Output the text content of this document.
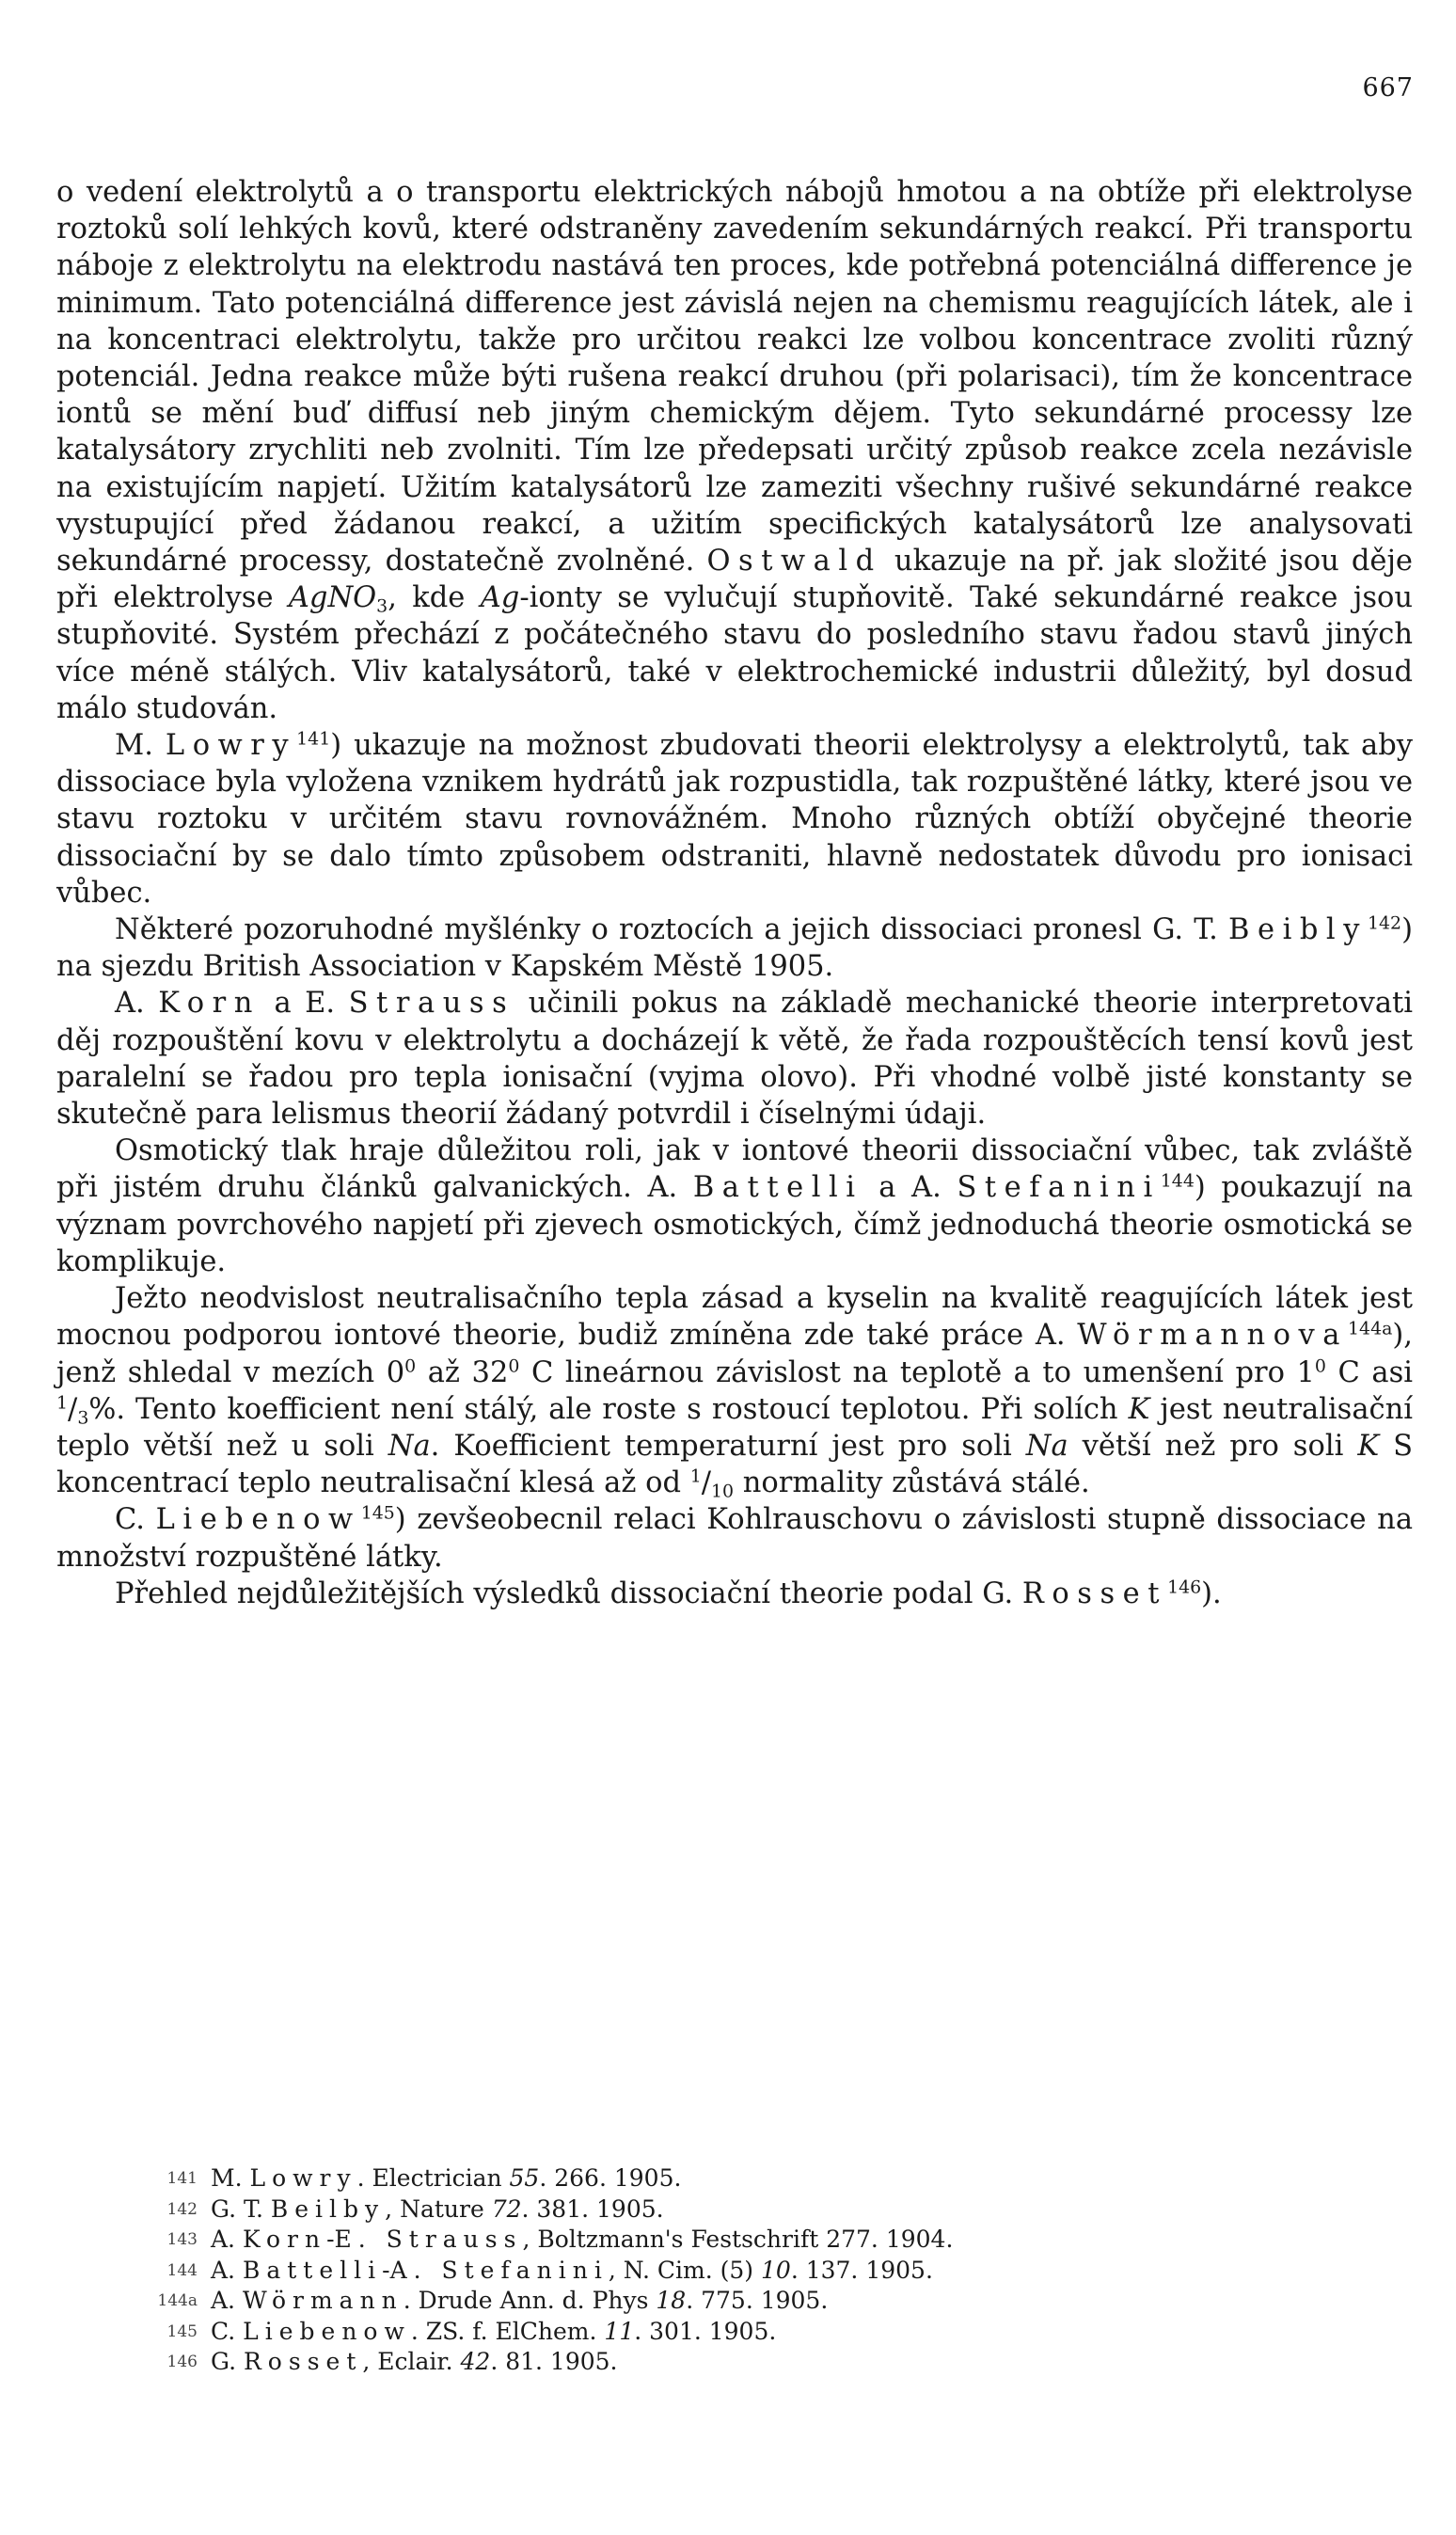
667

o vedení elektrolytů a o transportu elektrických nábojů hmotou a na obtíže při elektrolyse roztoků solí lehkých kovů, které odstraněny zavedením sekundárných reakcí. Při transportu náboje z elektrolytu na elektrodu nastává ten proces, kde potřebná potenciálná difference je minimum. Tato potenciálná difference jest závislá nejen na chemismu reagujících látek, ale i na koncentraci elektrolytu, takže pro určitou reakci lze volbou koncentrace zvoliti různý potenciál. Jedna reakce může býti rušena reakcí druhou (při polarisaci), tím že koncentrace iontů se mění buď diffusí neb jiným chemickým dějem. Tyto sekundárné processy lze katalysátory zrychliti neb zvolniti. Tím lze předepsati určitý způsob reakce zcela nezávisle na existujícím napjetí. Užitím katalysátorů lze zameziti všechny rušivé sekundárné reakce vystupující před žádanou reakcí, a užitím specifických katalysátorů lze analysovati sekundárné processy, dostatečně zvolněné. Ostwald ukazuje na př. jak složité jsou děje při elektrolyse AgNO$_3$, kde Ag-ionty se vylučují stupňovitě. Také sekundárné reakce jsou stupňovité. Systém přechází z počátečného stavu do posledního stavu řadou stavů jiných více méně stálých. Vliv katalysátorů, také v elektrochemické industrii důležitý, byl dosud málo studován.

M. Lowry$^{141}$) ukazuje na možnost zbudovati theorii elektrolysy a elektrolytů, tak aby dissociace byla vyložena vznikem hydrátů jak rozpustidla, tak rozpuštěné látky, které jsou ve stavu roztoku v určitém stavu rovnovážném. Mnoho různých obtíží obyčejné theorie dissociační by se dalo tímto způsobem odstraniti, hlavně nedostatek důvodu pro ionisaci vůbec.

Některé pozoruhodné myšlénky o roztocích a jejich dissociaci pronesl G. T. Beibly$^{142}$) na sjezdu British Association v Kapském Městě 1905.

A. Korn a E. Strauss učinili pokus na základě mechanické theorie interpretovati děj rozpouštění kovu v elektrolytu a docházejí k větě, že řada rozpouštěcích tensí kovů jest paralelní se řadou pro tepla ionisační (vyjma olovo). Při vhodné volbě jisté konstanty se skutečně para lelismus theorií žádaný potvrdil i číselnými údaji.

Osmotický tlak hraje důležitou roli, jak v iontové theorii dissociační vůbec, tak zvláště při jistém druhu článků galvanických. A. Battelli a A. Stefanini$^{144}$) poukazují na význam povrchového napjetí při zjevech osmotických, čímž jednoduchá theorie osmotická se komplikuje.

Ježto neodvislost neutralisačního tepla zásad a kyselin na kvalitě reagujících látek jest mocnou podporou iontové theorie, budiž zmíněna zde také práce A. Wörmannova$^{144a}$), jenž shledal v mezích $0^0$ až $32^0$ C lineárnou závislost na teplotě a to umenšení pro $1^0$ C asi $^1/_3\%$. Tento koefficient není stálý, ale roste s rostoucí teplotou. Při solích K jest neutralisační teplo větší než u soli Na. Koefficient temperaturní jest pro soli Na větší než pro soli K S koncentrací teplo neutralisační klesá až od $^1/_{10}$ normality zůstává stálé.

C. Liebenow$^{145}$) zevšeobecnil relaci Kohlrauschovu o závislosti stupně dissociace na množství rozpuštěné látky.

Přehled nejdůležitějších výsledků dissociační theorie podal G. Rosset$^{146}$).

141 M. Lowry. Electrician 55. 266. 1905.
142 G. T. Beilby, Nature 72. 381. 1905.
143 A. Korn-E. Strauss, Boltzmann's Festschrift 277. 1904.
144 A. Battelli-A. Stefanini, N. Cim. (5) 10. 137. 1905.
144a A. Wörmann. Drude Ann. d. Phys 18. 775. 1905.
145 C. Liebenow. ZS. f. ElChem. 11. 301. 1905.
146 G. Rosset, Eclair. 42. 81. 1905.
